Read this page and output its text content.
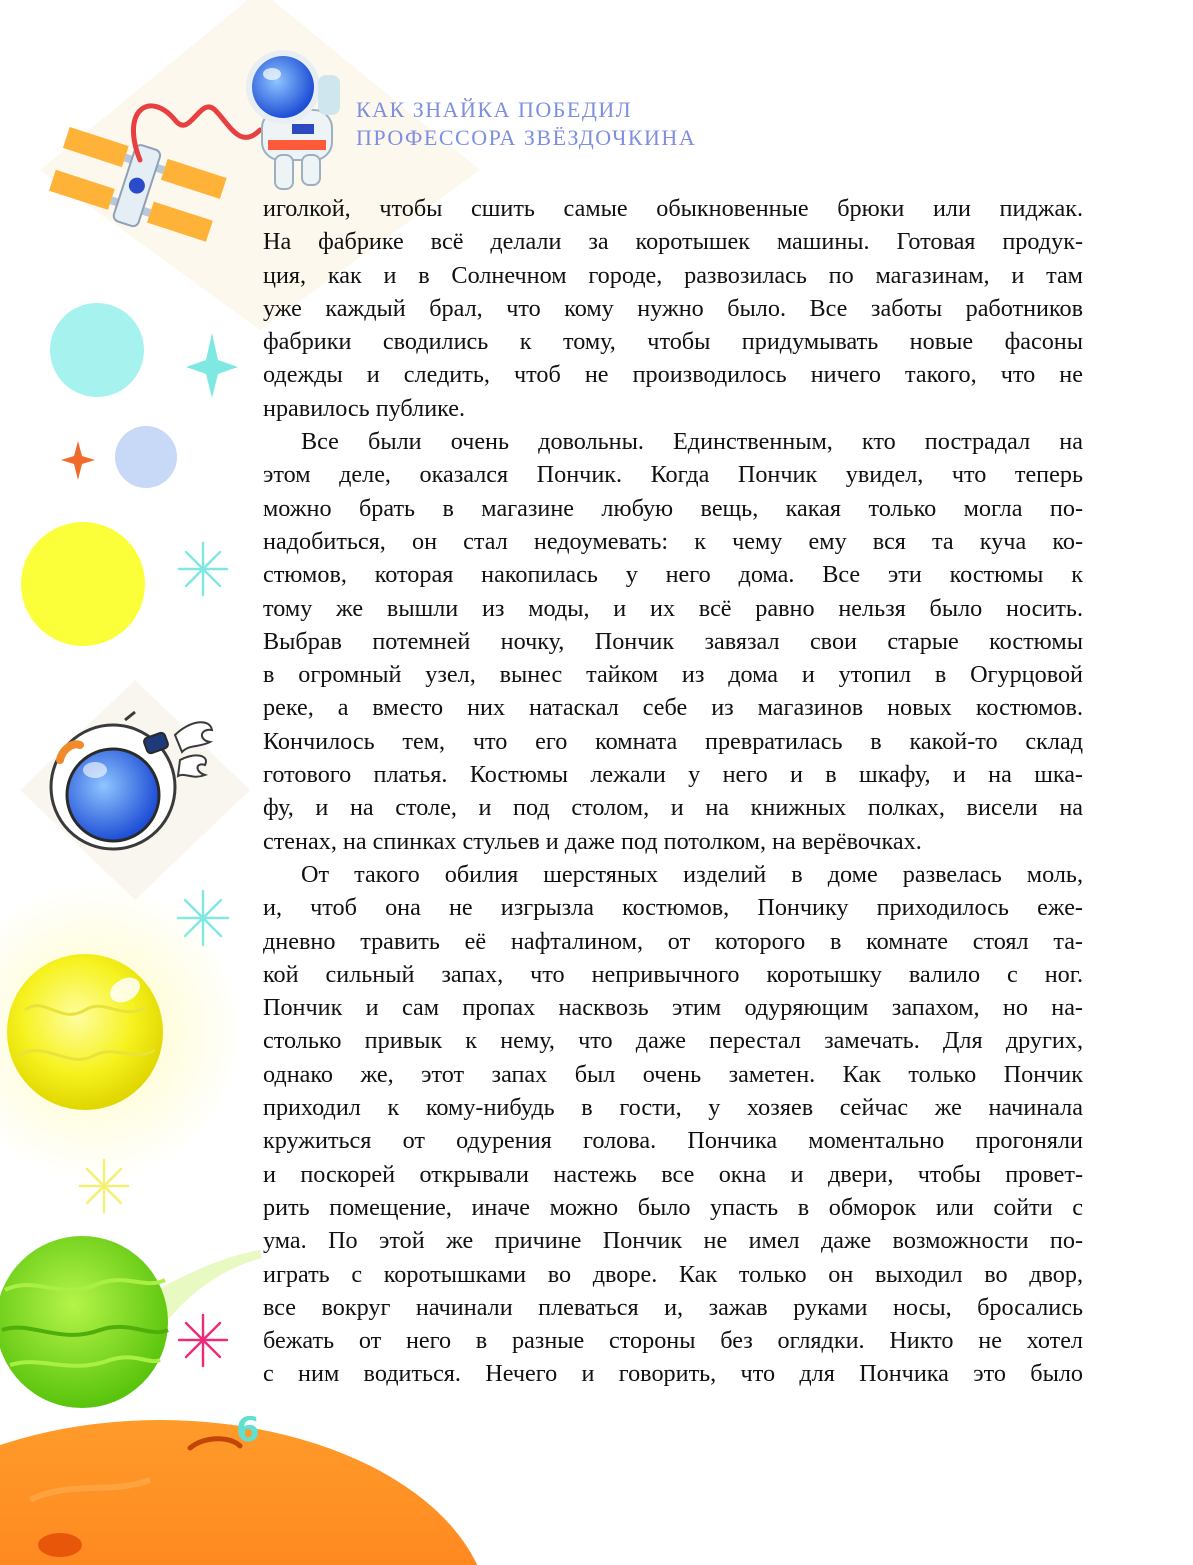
КАК ЗНАЙКА ПОБЕДИЛ
ПРОФЕССОРА ЗВЁЗДОЧКИНА
иголкой, чтобы сшить самые обыкновенные брюки или пиджак.
На фабрике всё делали за коротышек машины. Готовая продук-
ция, как и в Солнечном городе, развозилась по магазинам, и там
уже каждый брал, что кому нужно было. Все заботы работников
фабрики сводились к тому, чтобы придумывать новые фасоны
одежды и следить, чтоб не производилось ничего такого, что не
нравилось публике.
Все были очень довольны. Единственным, кто пострадал на
этом деле, оказался Пончик. Когда Пончик увидел, что теперь
можно брать в магазине любую вещь, какая только могла по-
надобиться, он стал недоумевать: к чему ему вся та куча ко-
стюмов, которая накопилась у него дома. Все эти костюмы к
тому же вышли из моды, и их всё равно нельзя было носить.
Выбрав потемней ночку, Пончик завязал свои старые костюмы
в огромный узел, вынес тайком из дома и утопил в Огурцовой
реке, а вместо них натаскал себе из магазинов новых костюмов.
Кончилось тем, что его комната превратилась в какой-то склад
готового платья. Костюмы лежали у него и в шкафу, и на шка-
фу, и на столе, и под столом, и на книжных полках, висели на
стенах, на спинках стульев и даже под потолком, на верёвочках.
От такого обилия шерстяных изделий в доме развелась моль,
и, чтоб она не изгрызла костюмов, Пончику приходилось еже-
дневно травить её нафталином, от которого в комнате стоял та-
кой сильный запах, что непривычного коротышку валило с ног.
Пончик и сам пропах насквозь этим одуряющим запахом, но на-
столько привык к нему, что даже перестал замечать. Для других,
однако же, этот запах был очень заметен. Как только Пончик
приходил к кому-нибудь в гости, у хозяев сейчас же начинала
кружиться от одурения голова. Пончика моментально прогоняли
и поскорей открывали настежь все окна и двери, чтобы провет-
рить помещение, иначе можно было упасть в обморок или сойти с
ума. По этой же причине Пончик не имел даже возможности по-
играть с коротышками во дворе. Как только он выходил во двор,
все вокруг начинали плеваться и, зажав руками носы, бросались
бежать от него в разные стороны без оглядки. Никто не хотел
с ним водиться. Нечего и говорить, что для Пончика это было
6
